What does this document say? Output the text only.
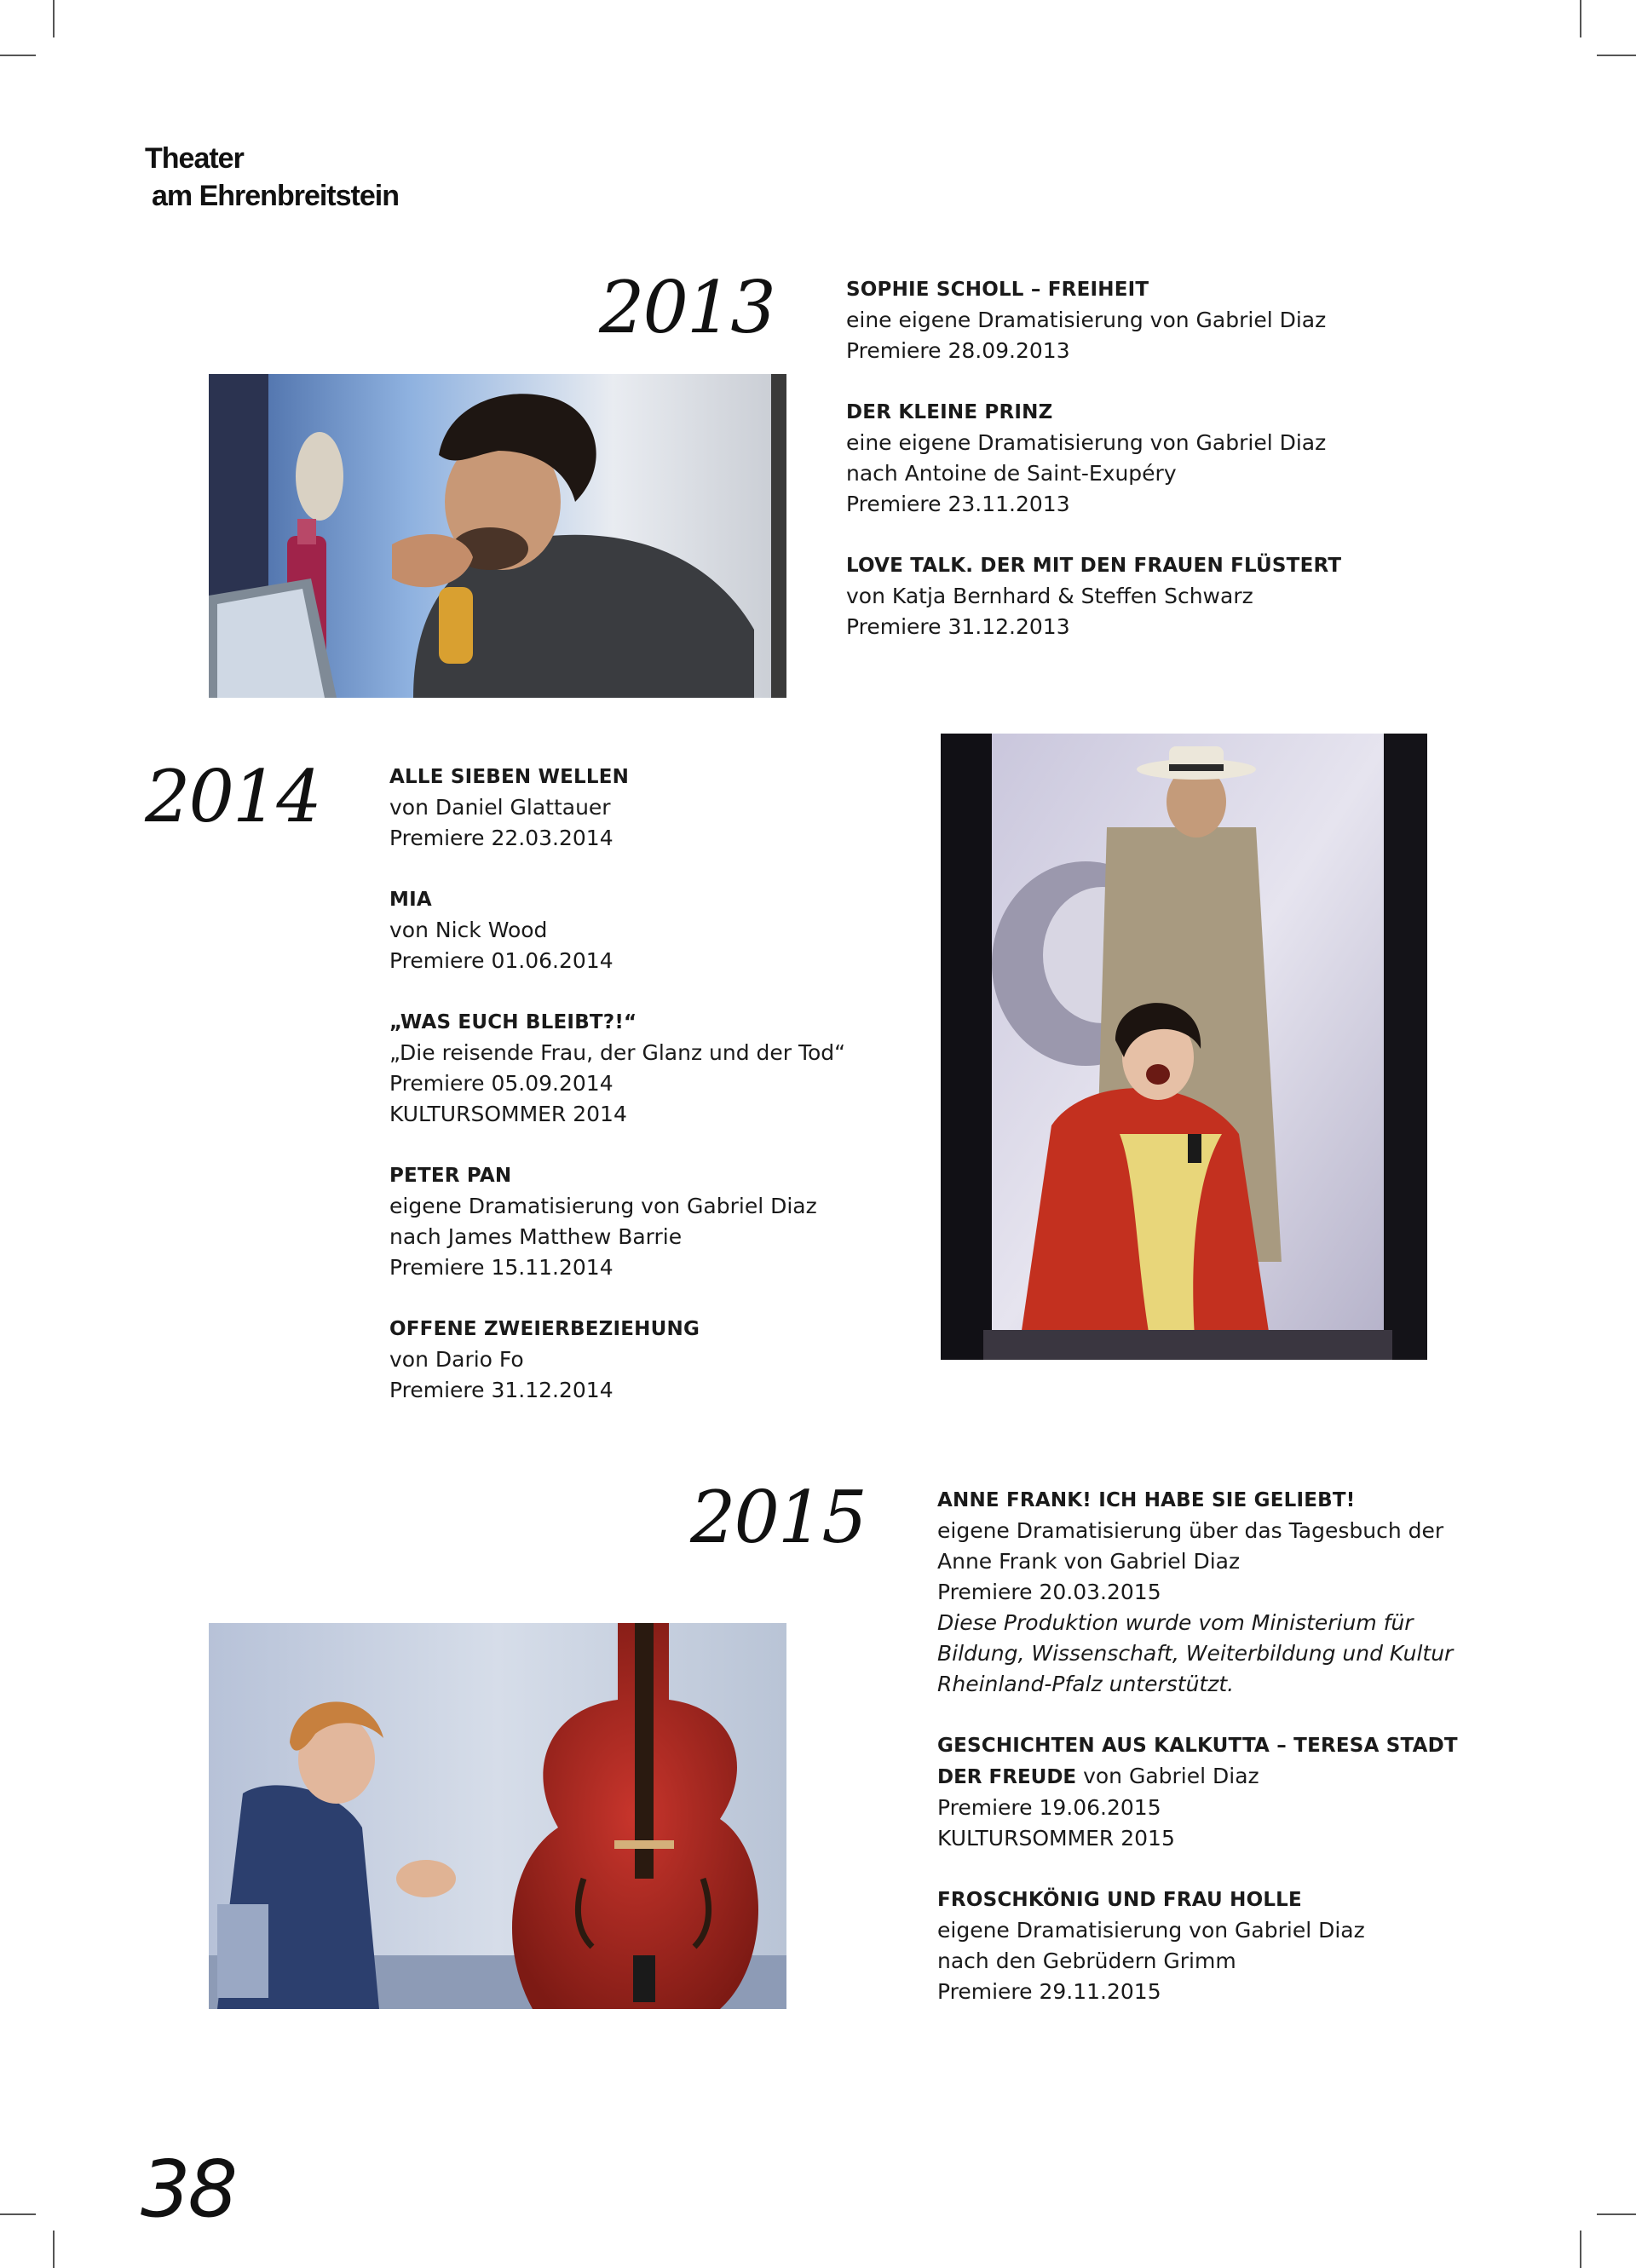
Theater
am Ehrenbreitstein
2013	SOPHIE SCHOLL – FREIHEIT
eine eigene Dramatisierung von Gabriel Diaz
Premiere 28.09.2013
DER KLEINE PRINZ
eine eigene Dramatisierung von Gabriel Diaz
nach Antoine de Saint-Exupéry
Premiere 23.11.2013
LOVE TALK. DER MIT DEN FRAUEN FLÜSTERT
von Katja Bernhard & Steffen Schwarz
Premiere 31.12.2013
2014	ALLE SIEBEN WELLEN
von Daniel Glattauer
Premiere 22.03.2014
MIA
von Nick Wood
Premiere 01.06.2014
„WAS EUCH BLEIBT?!“
„Die reisende Frau, der Glanz und der Tod“
Premiere 05.09.2014
KULTURSOMMER 2014
PETER PAN
eigene Dramatisierung von Gabriel Diaz
nach James Matthew Barrie
Premiere 15.11.2014
OFFENE ZWEIERBEZIEHUNG
von Dario Fo
Premiere 31.12.2014
2015	ANNE FRANK! ICH HABE SIE GELIEBT!
eigene Dramatisierung über das Tagesbuch der
Anne Frank von Gabriel Diaz
Premiere 20.03.2015
Diese Produktion wurde vom Ministerium für
Bildung, Wissenschaft, Weiterbildung und Kultur
Rheinland-Pfalz unterstützt.
GESCHICHTEN AUS KALKUTTA – TERESA STADT
DER FREUDE von Gabriel Diaz
Premiere 19.06.2015
KULTURSOMMER 2015
FROSCHKÖNIG UND FRAU HOLLE
eigene Dramatisierung von Gabriel Diaz
nach den Gebrüdern Grimm
Premiere 29.11.2015
38
